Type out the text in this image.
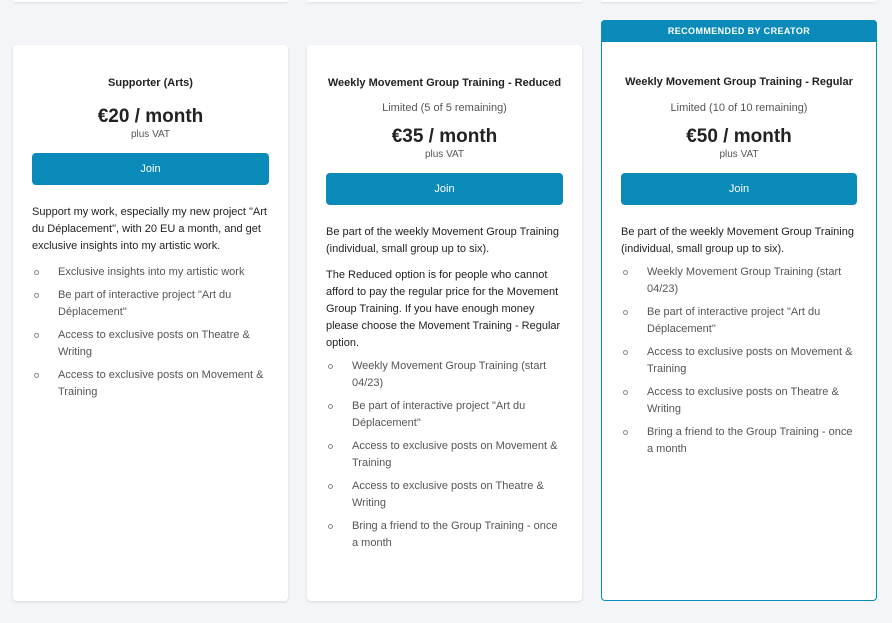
Supporter (Arts)
€20 / month
plus VAT
Join

Support my work, especially my new project "Art du Déplacement", with 20 EU a month, and get exclusive insights into my artistic work.

Exclusive insights into my artistic work
Be part of interactive project "Art du Déplacement"
Access to exclusive posts on Theatre & Writing
Access to exclusive posts on Movement & Training
Weekly Movement Group Training - Reduced
Limited (5 of 5 remaining)
€35 / month
plus VAT
Join

Be part of the weekly Movement Group Training (individual, small group up to six).

The Reduced option is for people who cannot afford to pay the regular price for the Movement Group Training. If you have enough money please choose the Movement Training - Regular option.

Weekly Movement Group Training (start 04/23)
Be part of interactive project "Art du Déplacement"
Access to exclusive posts on Movement & Training
Access to exclusive posts on Theatre & Writing
Bring a friend to the Group Training - once a month
RECOMMENDED BY CREATOR
Weekly Movement Group Training - Regular
Limited (10 of 10 remaining)
€50 / month
plus VAT
Join

Be part of the weekly Movement Group Training (individual, small group up to six).

Weekly Movement Group Training (start 04/23)
Be part of interactive project "Art du Déplacement"
Access to exclusive posts on Movement & Training
Access to exclusive posts on Theatre & Writing
Bring a friend to the Group Training - once a month
